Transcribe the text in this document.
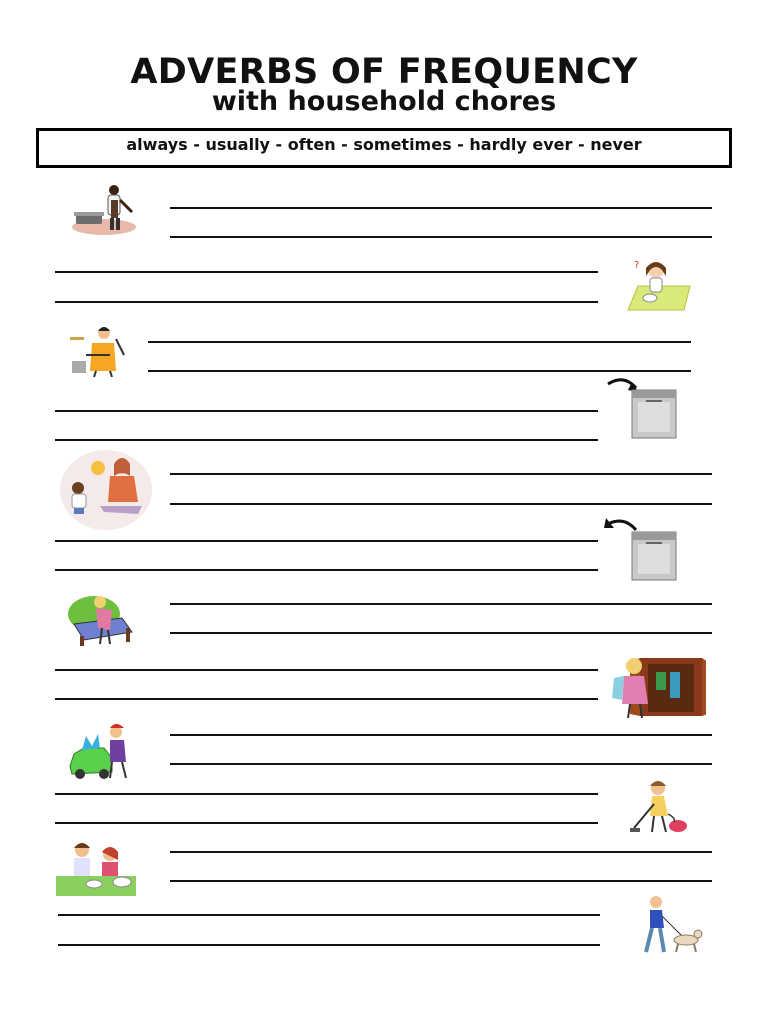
ADVERBS OF FREQUENCY
with household chores
always - usually - often - sometimes - hardly ever - never
?
